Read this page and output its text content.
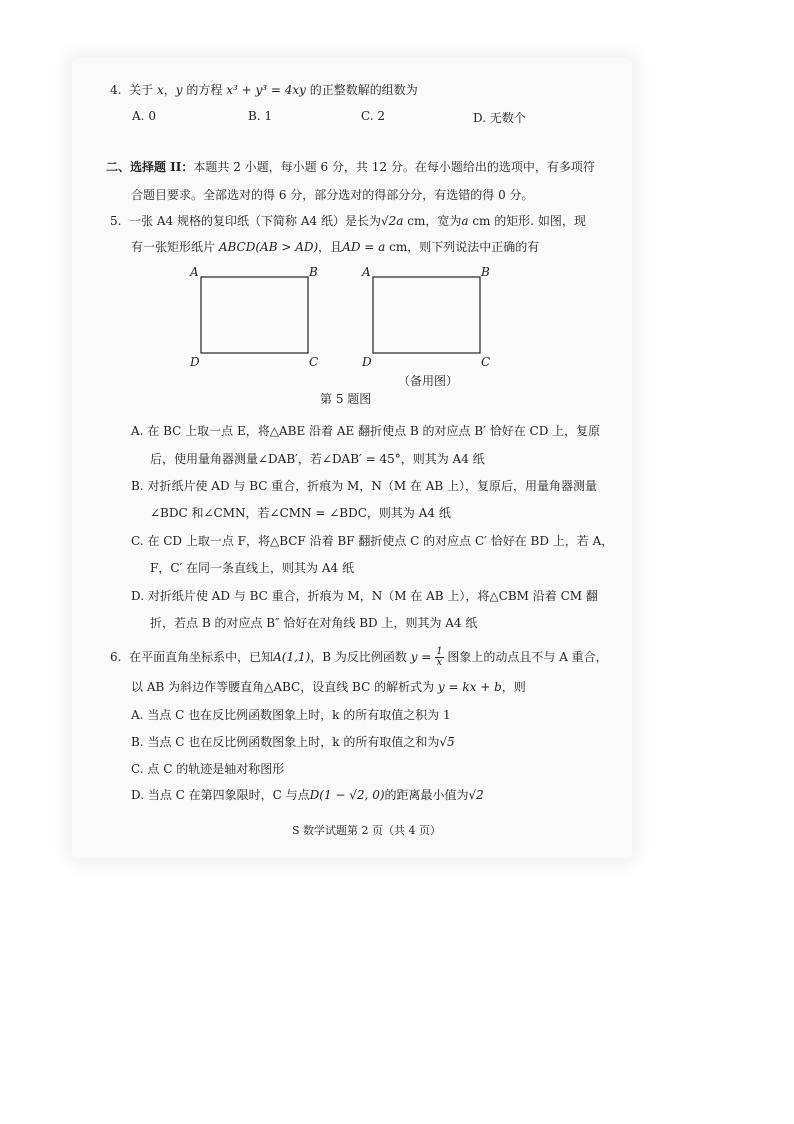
4. 关于 x，y 的方程 x³ + y³ = 4xy 的正整数解的组数为
A. 0	B. 1	C. 2	D. 无数个
二、选择题 II：本题共 2 小题，每小题 6 分，共 12 分。在每小题给出的选项中，有多项符
合题目要求。全部选对的得 6 分，部分选对的得部分分，有选错的得 0 分。
5. 一张 A4 规格的复印纸（下简称 A4 纸）是长为√2a cm，宽为a cm 的矩形. 如图，现
有一张矩形纸片 ABCD(AB > AD)，且AD = a cm，则下列说法中正确的有
A	B
D	C
A	B
D	C
（备用图）
第 5 题图
A. 在 BC 上取一点 E，将△ABE 沿着 AE 翻折使点 B 的对应点 B′ 恰好在 CD 上，复原
后，使用量角器测量∠DAB′，若∠DAB′ = 45°，则其为 A4 纸
B. 对折纸片使 AD 与 BC 重合，折痕为 M，N（M 在 AB 上），复原后，用量角器测量
∠BDC 和∠CMN，若∠CMN = ∠BDC，则其为 A4 纸
C. 在 CD 上取一点 F，将△BCF 沿着 BF 翻折使点 C 的对应点 C′ 恰好在 BD 上，若 A，
F，C′ 在同一条直线上，则其为 A4 纸
D. 对折纸片使 AD 与 BC 重合，折痕为 M，N（M 在 AB 上），将△CBM 沿着 CM 翻
折，若点 B 的对应点 B″ 恰好在对角线 BD 上，则其为 A4 纸
6. 在平面直角坐标系中，已知A(1,1)，B 为反比例函数 $y = \frac{1}{x}$ 图象上的动点且不与 A 重合，
以 AB 为斜边作等腰直角△ABC，设直线 BC 的解析式为 y = kx + b，则
A. 当点 C 也在反比例函数图象上时，k 的所有取值之积为 1
B. 当点 C 也在反比例函数图象上时，k 的所有取值之和为√5
C. 点 C 的轨迹是轴对称图形
D. 当点 C 在第四象限时，C 与点D(1 − √2, 0)的距离最小值为√2
S 数学试题第 2 页（共 4 页）
